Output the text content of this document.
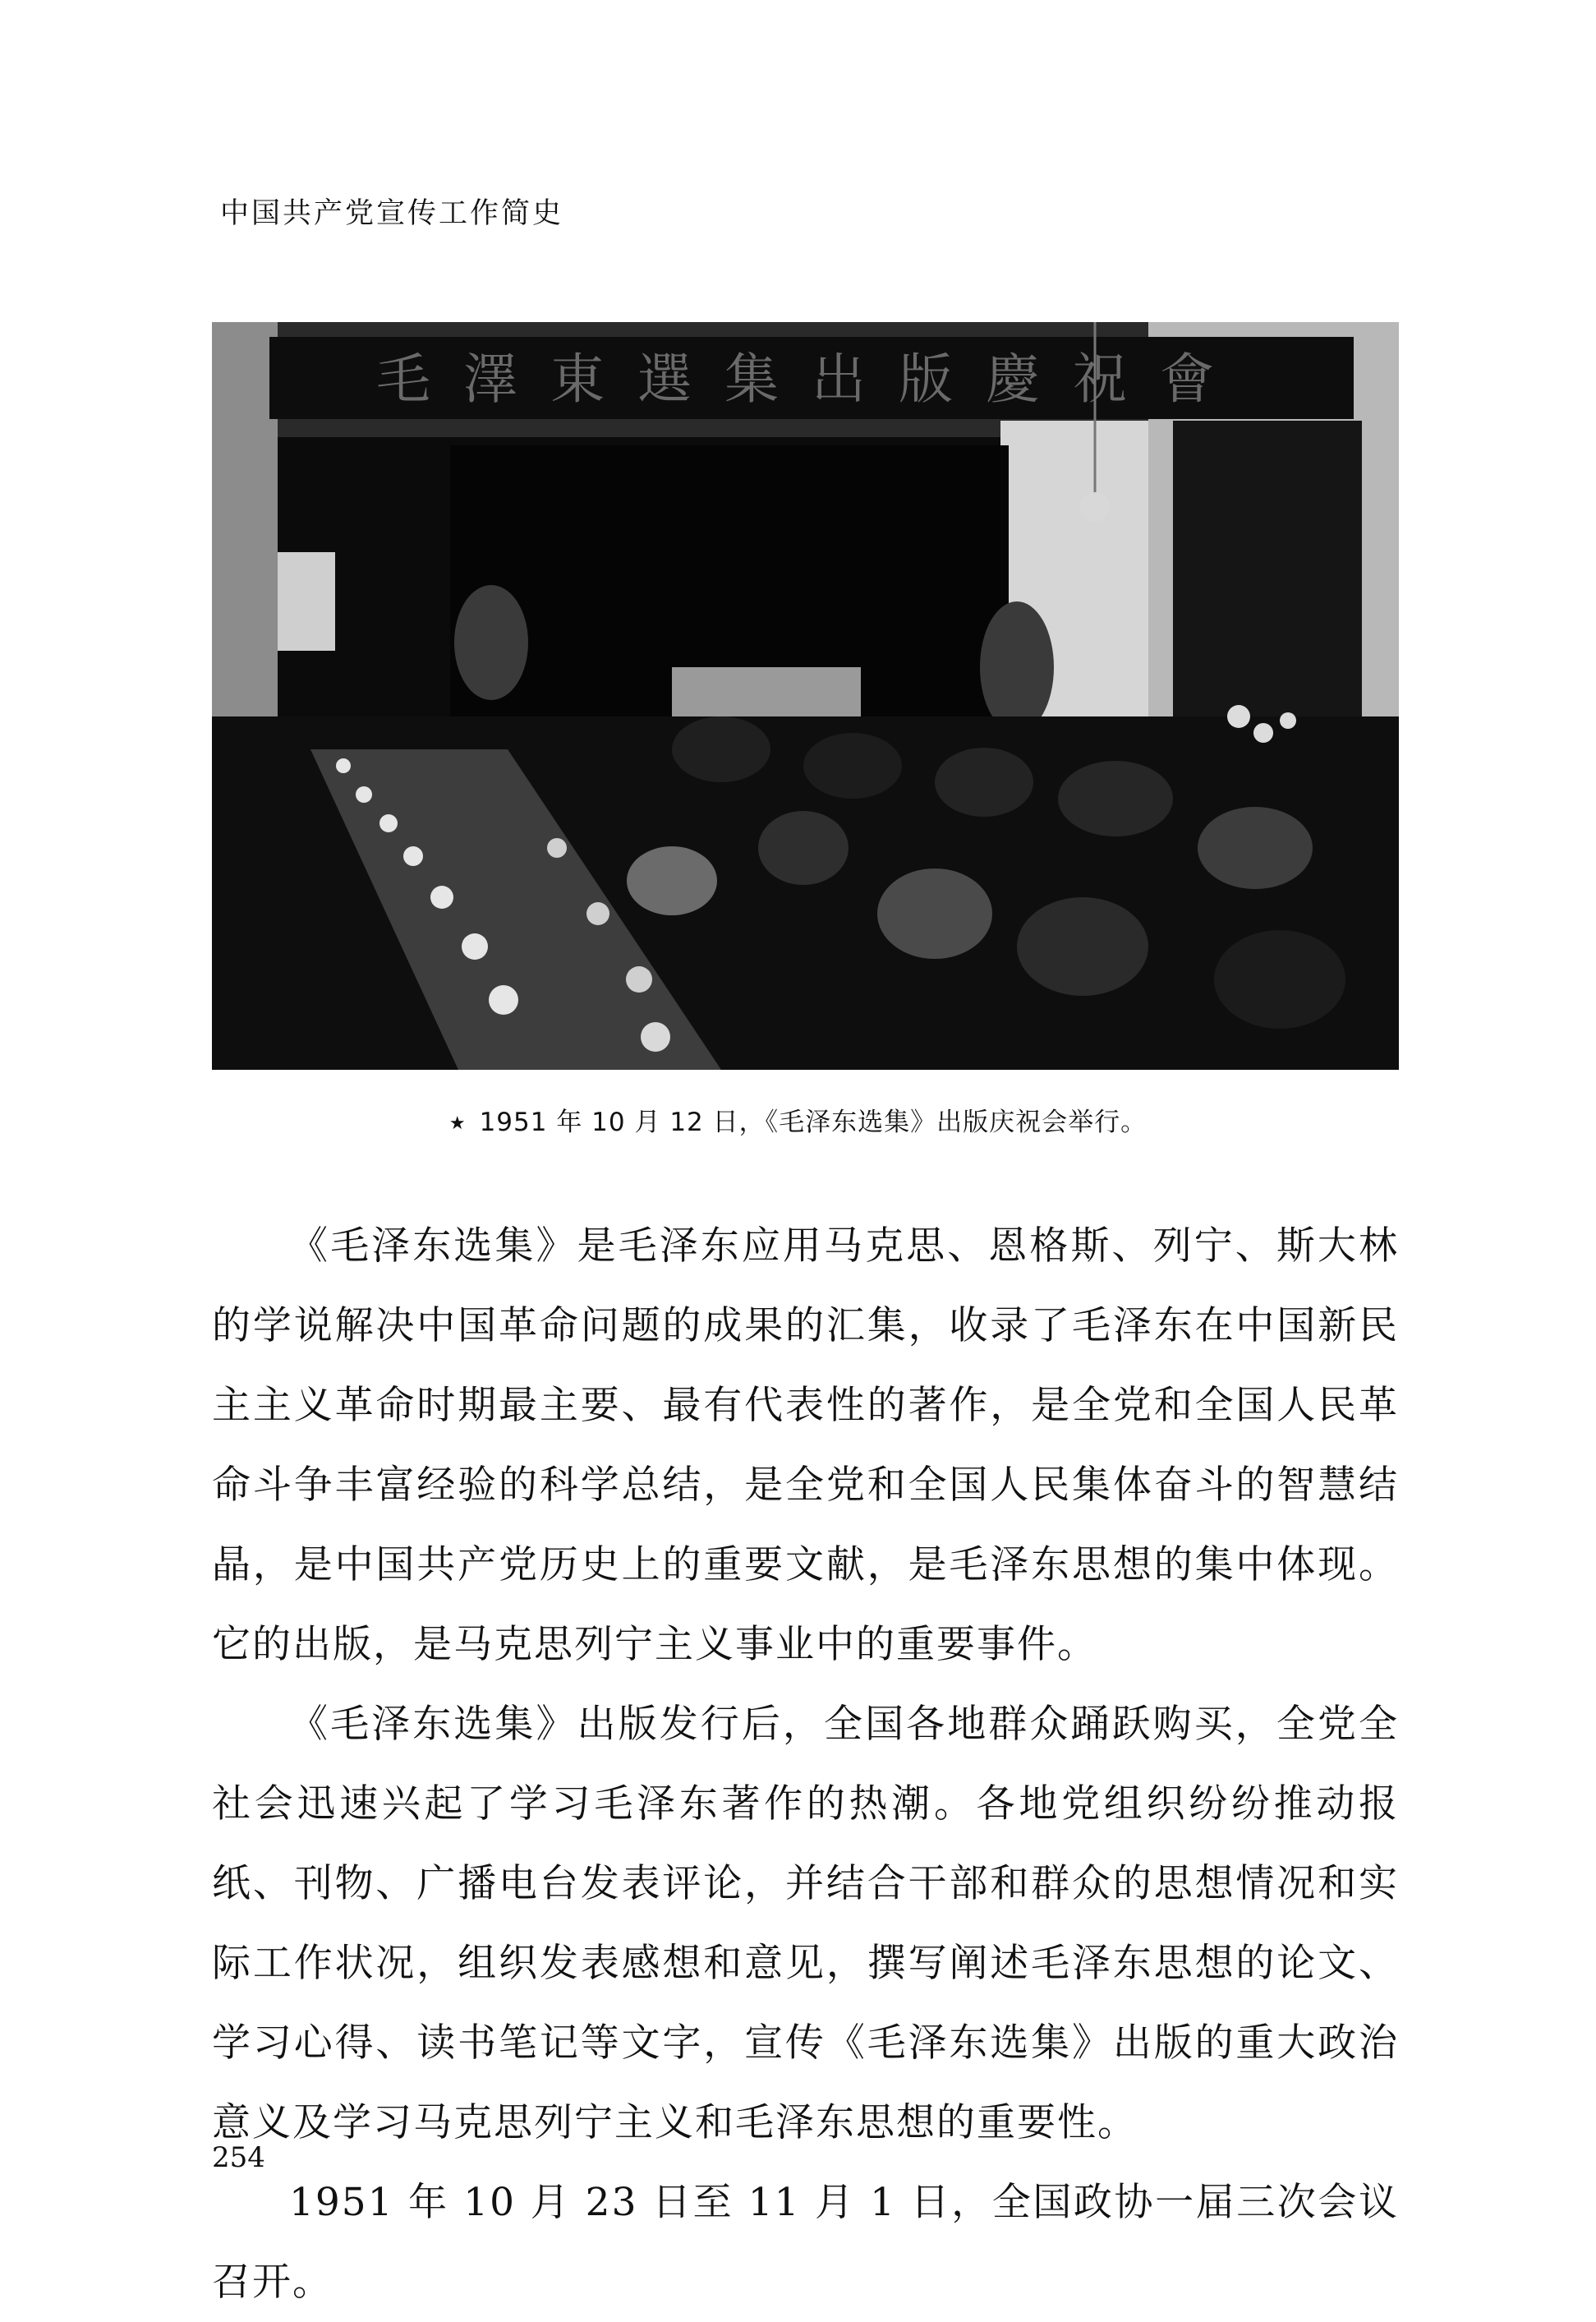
中国共产党宣传工作简史
毛澤東選集出版慶祝會
★ 1951 年 10 月 12 日，《毛泽东选集》出版庆祝会举行。

《毛泽东选集》是毛泽东应用马克思、恩格斯、列宁、斯大林的学说解决中国革命问题的成果的汇集，收录了毛泽东在中国新民主主义革命时期最主要、最有代表性的著作，是全党和全国人民革命斗争丰富经验的科学总结，是全党和全国人民集体奋斗的智慧结晶，是中国共产党历史上的重要文献，是毛泽东思想的集中体现。它的出版，是马克思列宁主义事业中的重要事件。

《毛泽东选集》出版发行后，全国各地群众踊跃购买，全党全社会迅速兴起了学习毛泽东著作的热潮。各地党组织纷纷推动报纸、刊物、广播电台发表评论，并结合干部和群众的思想情况和实际工作状况，组织发表感想和意见，撰写阐述毛泽东思想的论文、学习心得、读书笔记等文字，宣传《毛泽东选集》出版的重大政治意义及学习马克思列宁主义和毛泽东思想的重要性。

1951 年 10 月 23 日至 11 月 1 日，全国政协一届三次会议召开。

254
